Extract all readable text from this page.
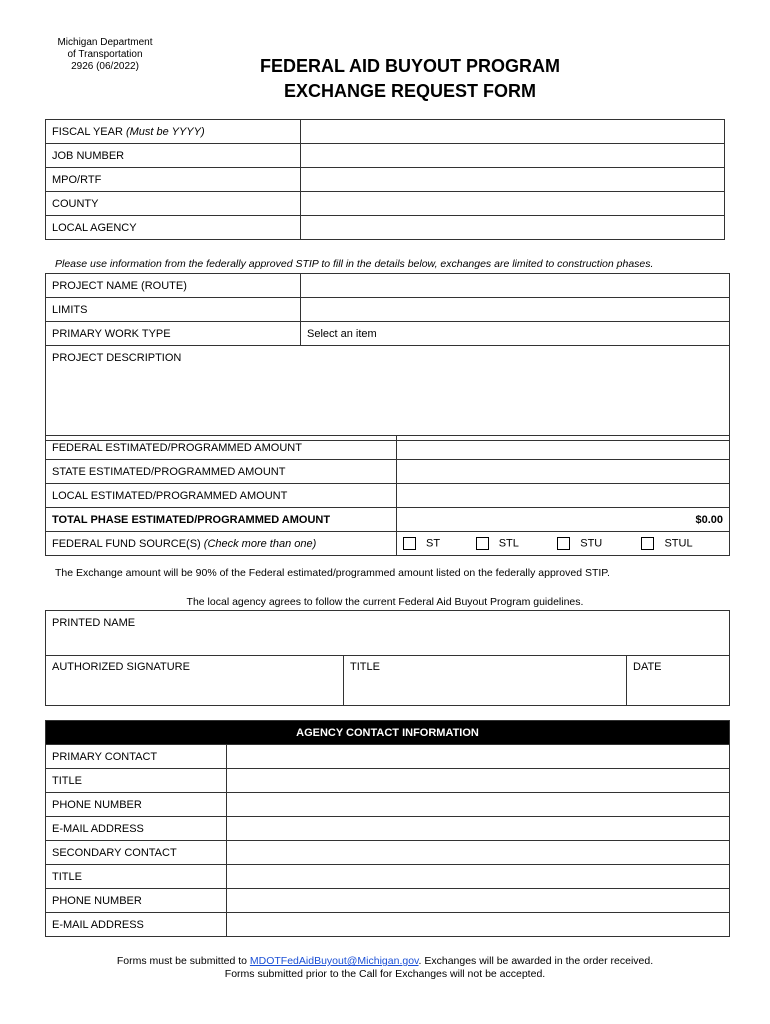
Michigan Department
of Transportation
2926 (06/2022)	FEDERAL AID BUYOUT PROGRAM
EXCHANGE REQUEST FORM
FISCAL YEAR (Must be YYYY)	
JOB NUMBER	
MPO/RTF	
COUNTY	
LOCAL AGENCY	
Please use information from the federally approved STIP to fill in the details below, exchanges are limited to construction phases.
PROJECT NAME (ROUTE)	
LIMITS	
PRIMARY WORK TYPE	Select an item
PROJECT DESCRIPTION	
FEDERAL ESTIMATED/PROGRAMMED AMOUNT				
STATE ESTIMATED/PROGRAMMED AMOUNT				
LOCAL ESTIMATED/PROGRAMMED AMOUNT				
TOTAL PHASE ESTIMATED/PROGRAMMED AMOUNT	$0.00			
FEDERAL FUND SOURCE(S) (Check more than one)	ST	STL	STU	STUL
The Exchange amount will be 90% of the Federal estimated/programmed amount listed on the federally approved STIP.
The local agency agrees to follow the current Federal Aid Buyout Program guidelines.
PRINTED NAME
AUTHORIZED SIGNATURE	TITLE	DATE
AGENCY CONTACT INFORMATION	
PRIMARY CONTACT	
TITLE	
PHONE NUMBER	
E-MAIL ADDRESS	
SECONDARY CONTACT	
TITLE	
PHONE NUMBER	
E-MAIL ADDRESS	
Forms must be submitted to MDOTFedAidBuyout@Michigan.gov. Exchanges will be awarded in the order received.
Forms submitted prior to the Call for Exchanges will not be accepted.
